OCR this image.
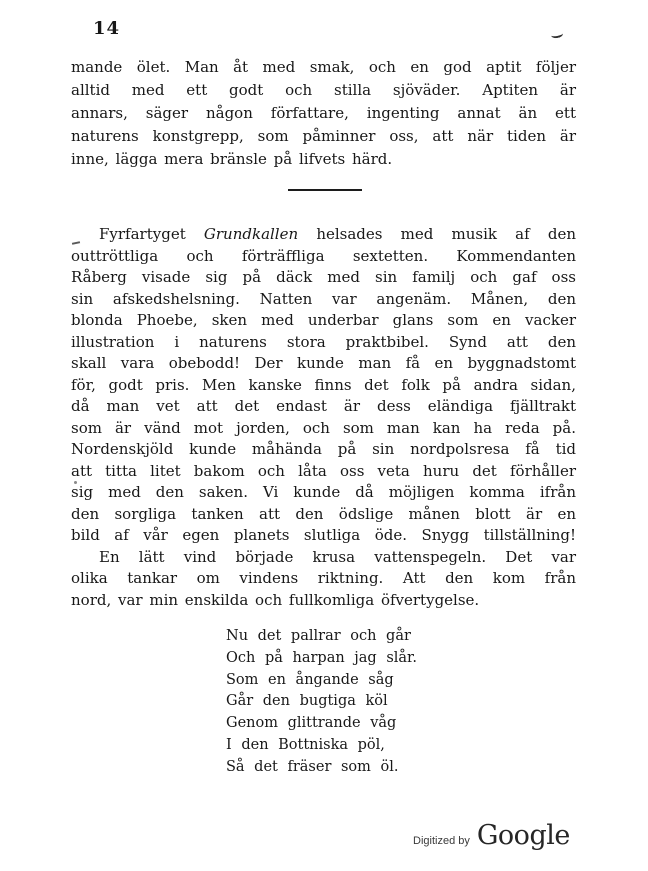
14
mande ölet. Man åt med smak, och en god aptit följer
alltid med ett godt och stilla sjöväder. Aptiten är
annars, säger någon författare, ingenting annat än ett
naturens konstgrepp, som påminner oss, att när tiden är
inne, lägga mera bränsle på lifvets härd.
Fyrfartyget Grundkallen helsades med musik af den
outtröttliga och förträffliga sextetten. Kommendanten
Råberg visade sig på däck med sin familj och gaf oss
sin afskedshelsning. Natten var angenäm. Månen, den
blonda Phoebe, sken med underbar glans som en vacker
illustration i naturens stora praktbibel. Synd att den
skall vara obebodd! Der kunde man få en byggnadstomt
för, godt pris. Men kanske finns det folk på andra sidan,
då man vet att det endast är dess eländiga fjälltrakt
som är vänd mot jorden, och som man kan ha reda på.
Nordenskjöld kunde måhända på sin nordpolsresa få tid
att titta litet bakom och låta oss veta huru det förhåller
sig med den saken. Vi kunde då möjligen komma ifrån
den sorgliga tanken att den ödslige månen blott är en
bild af vår egen planets slutliga öde. Snygg tillställning!
En lätt vind började krusa vattenspegeln. Det var
olika tankar om vindens riktning. Att den kom från
nord, var min enskilda och fullkomliga öfvertygelse.
Nu det pallrar och går
Och på harpan jag slår.
Som en ångande såg
Går den bugtiga köl
Genom glittrande våg
I den Bottniska pöl,
Så det fräser som öl.
Digitized by Google
